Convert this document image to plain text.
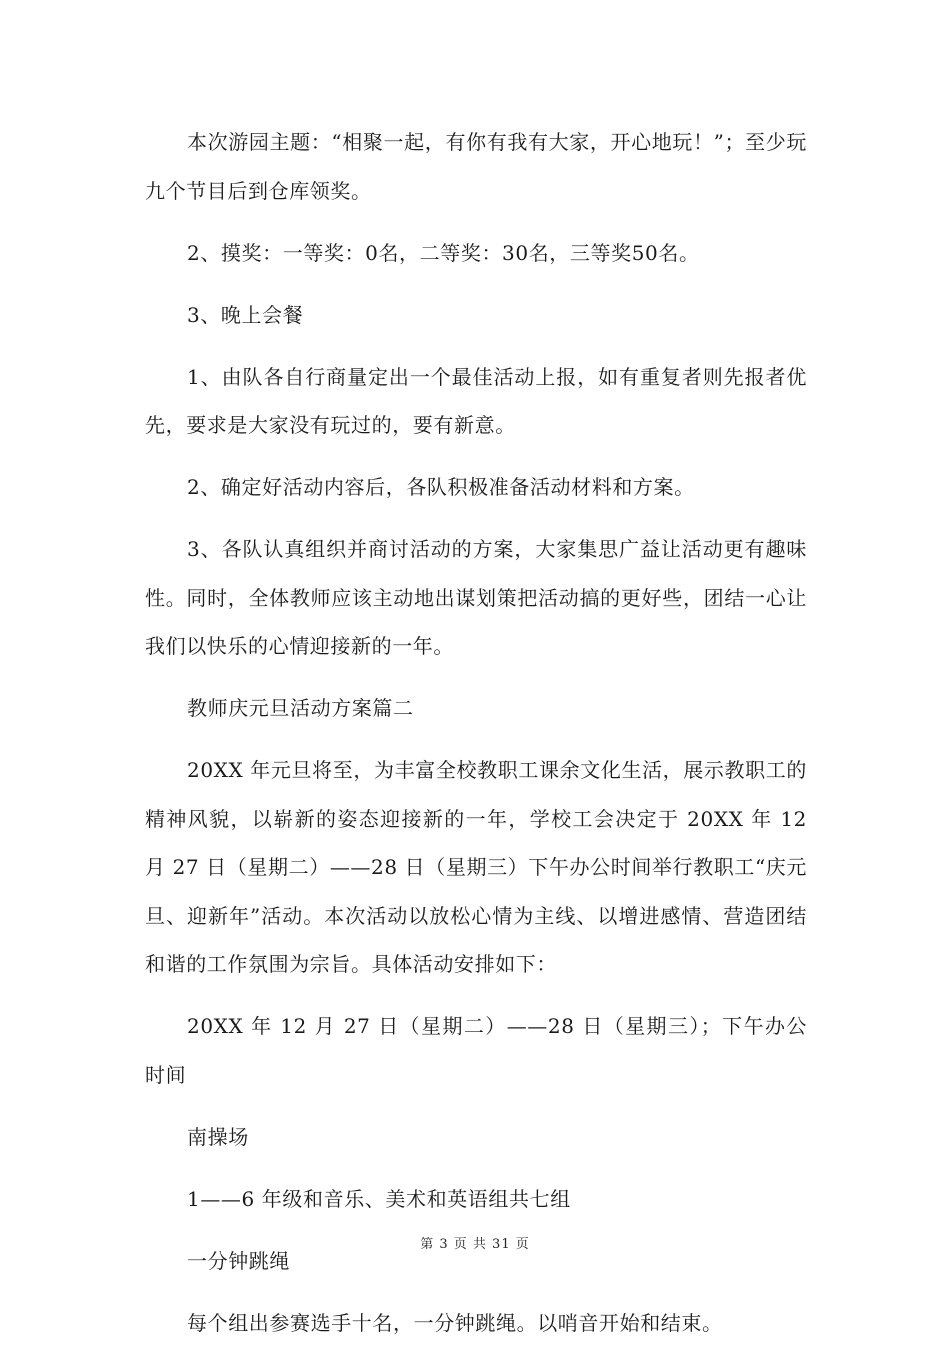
本次游园主题：“相聚一起，有你有我有大家，开心地玩！”；至少玩九个节目后到仓库领奖。

2、摸奖：一等奖：0名，二等奖：30名，三等奖50名。

3、晚上会餐

1、由队各自行商量定出一个最佳活动上报，如有重复者则先报者优先，要求是大家没有玩过的，要有新意。

2、确定好活动内容后，各队积极准备活动材料和方案。

3、各队认真组织并商讨活动的方案，大家集思广益让活动更有趣味性。同时，全体教师应该主动地出谋划策把活动搞的更好些，团结一心让我们以快乐的心情迎接新的一年。

教师庆元旦活动方案篇二

20XX 年元旦将至，为丰富全校教职工课余文化生活，展示教职工的精神风貌，以崭新的姿态迎接新的一年，学校工会决定于 20XX 年 12 月 27 日（星期二）——28 日（星期三）下午办公时间举行教职工“庆元旦、迎新年”活动。本次活动以放松心情为主线、以增进感情、营造团结和谐的工作氛围为宗旨。具体活动安排如下：

20XX 年 12 月 27 日（星期二）——28 日（星期三）；下午办公时间

南操场

1——6 年级和音乐、美术和英语组共七组

一分钟跳绳

每个组出参赛选手十名，一分钟跳绳。以哨音开始和结束。

第 3 页 共 31 页
